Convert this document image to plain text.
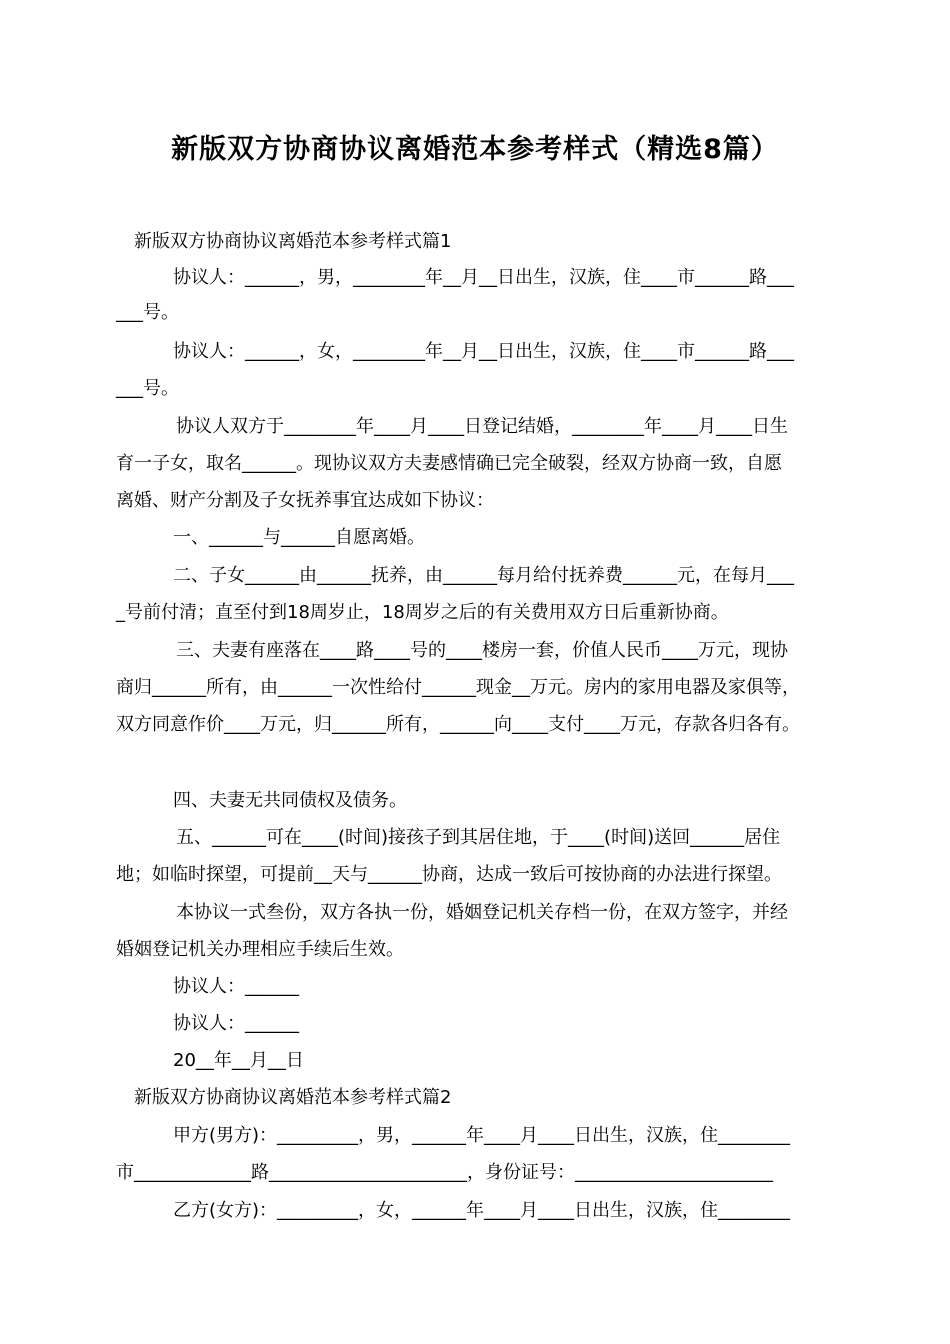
新版双方协商协议离婚范本参考样式（精选8篇）
新版双方协商协议离婚范本参考样式篇1
协议人：______，男，________年__月__日出生，汉族，住____市______路___
___号。
协议人：______，女，________年__月__日出生，汉族，住____市______路___
___号。
协议人双方于________年____月____日登记结婚，________年____月____日生
育一子女，取名______。现协议双方夫妻感情确已完全破裂，经双方协商一致，自愿
离婚、财产分割及子女抚养事宜达成如下协议：
一、______与______自愿离婚。
二、子女______由______抚养，由______每月给付抚养费______元，在每月___
_号前付清；直至付到18周岁止，18周岁之后的有关费用双方日后重新协商。
三、夫妻有座落在____路____号的____楼房一套，价值人民币____万元，现协
商归______所有，由______一次性给付______现金__万元。房内的家用电器及家俱等，
双方同意作价____万元，归______所有，______向____支付____万元，存款各归各有。
四、夫妻无共同债权及债务。
五、______可在____(时间)接孩子到其居住地，于____(时间)送回______居住
地；如临时探望，可提前__天与______协商，达成一致后可按协商的办法进行探望。
本协议一式叁份，双方各执一份，婚姻登记机关存档一份，在双方签字，并经
婚姻登记机关办理相应手续后生效。
协议人：______
协议人：______
20__年__月__日
新版双方协商协议离婚范本参考样式篇2
甲方(男方)：_________，男，______年____月____日出生，汉族，住________
市_____________路______________________，身份证号：______________________
乙方(女方)：_________，女，______年____月____日出生，汉族，住________
